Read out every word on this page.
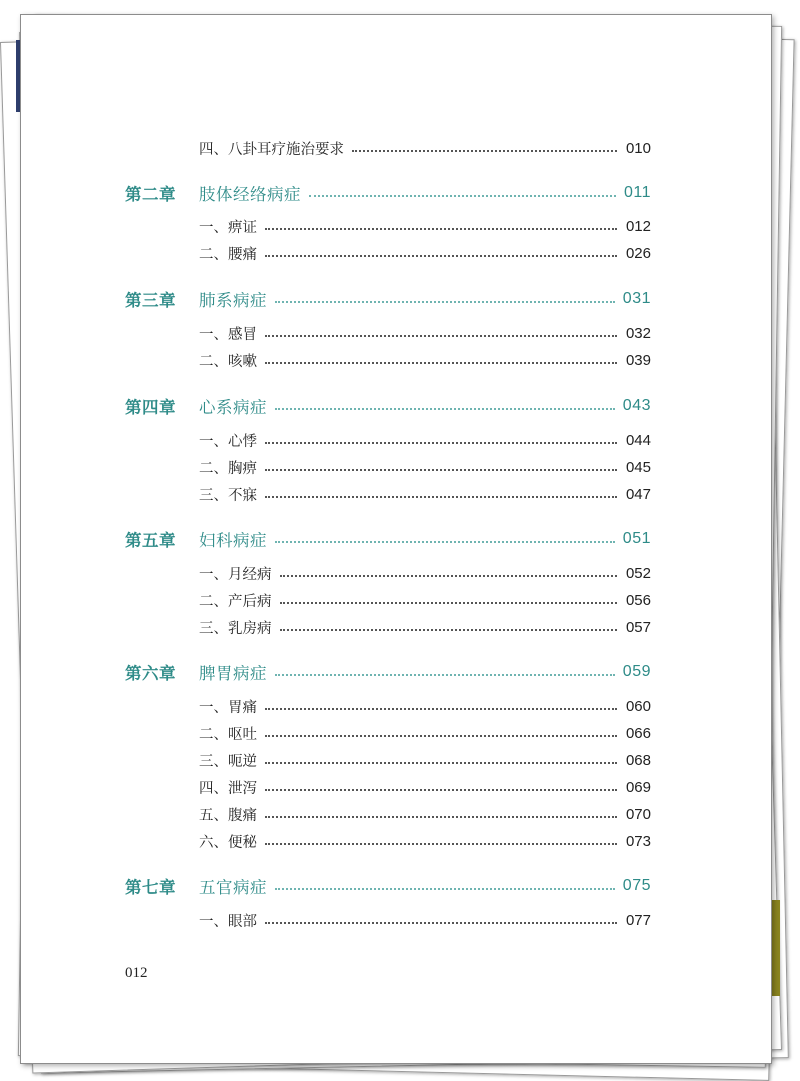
四、八卦耳疗施治要求	010
第二章	肢体经络病症	011
一、痹证	012
二、腰痛	026
第三章	肺系病症	031
一、感冒	032
二、咳嗽	039
第四章	心系病症	043
一、心悸	044
二、胸痹	045
三、不寐	047
第五章	妇科病症	051
一、月经病	052
二、产后病	056
三、乳房病	057
第六章	脾胃病症	059
一、胃痛	060
二、呕吐	066
三、呃逆	068
四、泄泻	069
五、腹痛	070
六、便秘	073
第七章	五官病症	075
一、眼部	077
012
